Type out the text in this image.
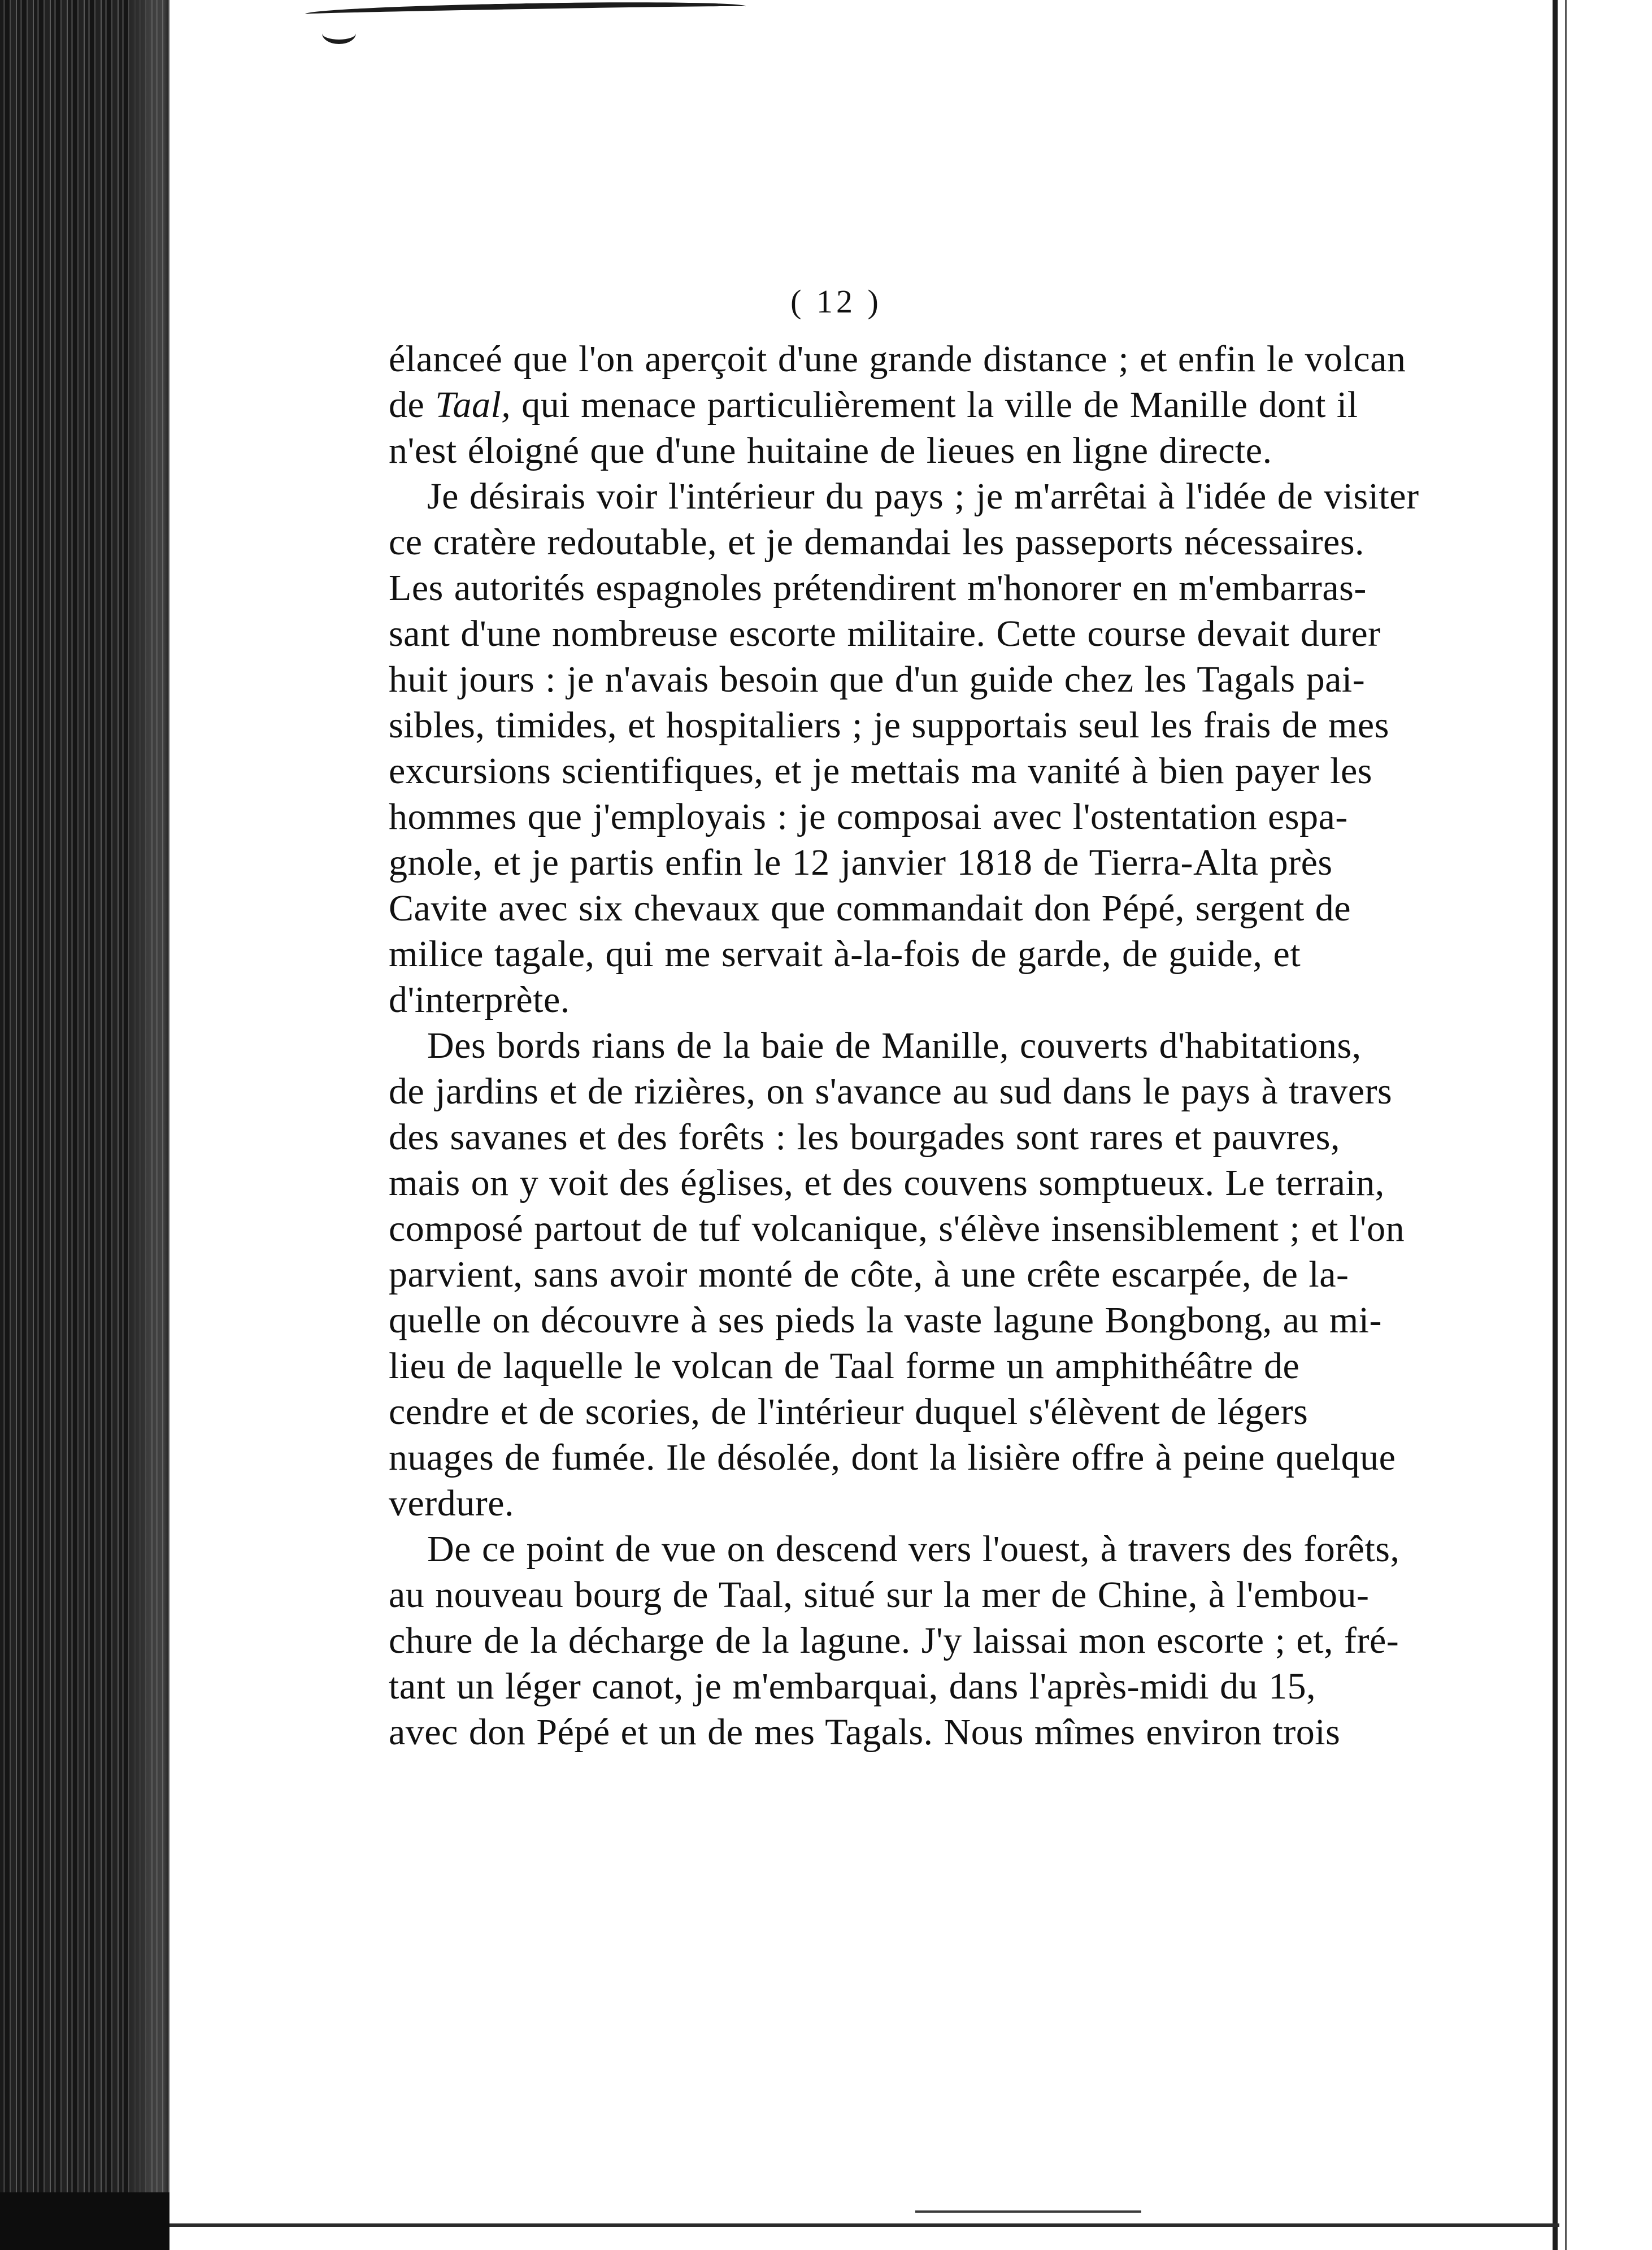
( 12 )
élanceé que l'on aperçoit d'une grande distance ; et enfin le volcan
de Taal, qui menace particulièrement la ville de Manille dont il
n'est éloigné que d'une huitaine de lieues en ligne directe.
Je désirais voir l'intérieur du pays ; je m'arrêtai à l'idée de visiter
ce cratère redoutable, et je demandai les passeports nécessaires.
Les autorités espagnoles prétendirent m'honorer en m'embarras-
sant d'une nombreuse escorte militaire. Cette course devait durer
huit jours : je n'avais besoin que d'un guide chez les Tagals pai-
sibles, timides, et hospitaliers ; je supportais seul les frais de mes
excursions scientifiques, et je mettais ma vanité à bien payer les
hommes que j'employais : je composai avec l'ostentation espa-
gnole, et je partis enfin le 12 janvier 1818 de Tierra-Alta près
Cavite avec six chevaux que commandait don Pépé, sergent de
milice tagale, qui me servait à-la-fois de garde, de guide, et
d'interprète.
Des bords rians de la baie de Manille, couverts d'habitations,
de jardins et de rizières, on s'avance au sud dans le pays à travers
des savanes et des forêts : les bourgades sont rares et pauvres,
mais on y voit des églises, et des couvens somptueux. Le terrain,
composé partout de tuf volcanique, s'élève insensiblement ; et l'on
parvient, sans avoir monté de côte, à une crête escarpée, de la-
quelle on découvre à ses pieds la vaste lagune Bongbong, au mi-
lieu de laquelle le volcan de Taal forme un amphithéâtre de
cendre et de scories, de l'intérieur duquel s'élèvent de légers
nuages de fumée. Ile désolée, dont la lisière offre à peine quelque
verdure.
De ce point de vue on descend vers l'ouest, à travers des forêts,
au nouveau bourg de Taal, situé sur la mer de Chine, à l'embou-
chure de la décharge de la lagune. J'y laissai mon escorte ; et, fré-
tant un léger canot, je m'embarquai, dans l'après-midi du 15,
avec don Pépé et un de mes Tagals. Nous mîmes environ trois
